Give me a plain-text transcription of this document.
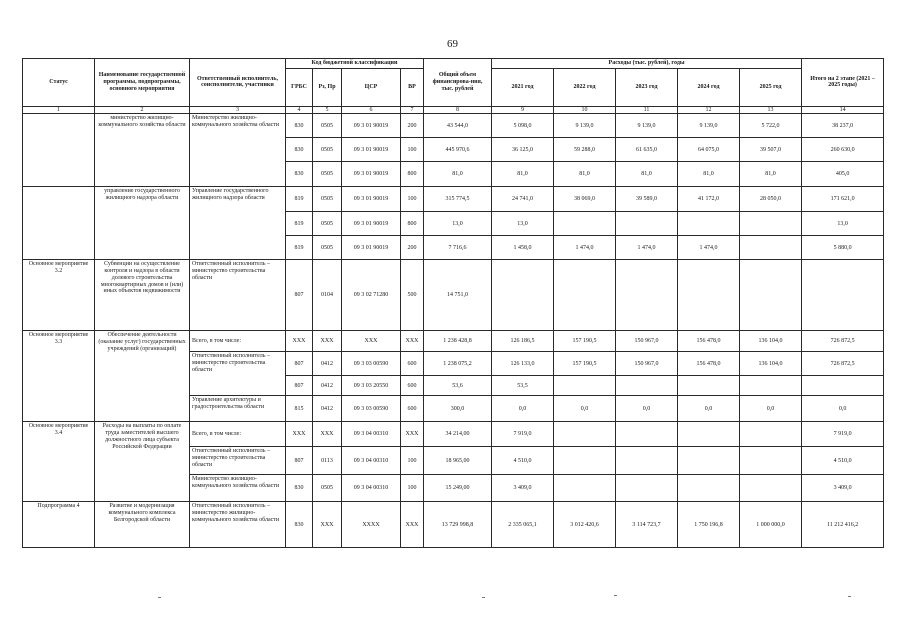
69
Статус	Наименование государственной программы, подпрограммы, основного мероприятия	Ответственный исполнитель, соисполнители, участники	Код бюджетной классификации				Общий объем финансирова-ния, тыс. рублей	Расходы (тыс. рублей), годы					Итого на 2 этапе (2021 – 2025 годы)
			ГРБС	Рз, Пр	ЦСР	ВР		2021 год	2022 год	2023 год	2024 год	2025 год	
1	2	3	4	5	6	7	8	9	10	11	12	13	14
	министерство жилищно-коммунального хозяйства области	Министерство жилищно-коммунального хозяйства области	830	0505	09 3 01 90019	200	43 544,0	5 098,0	9 139,0	9 139,0	9 139,0	5 722,0	38 237,0
			830	0505	09 3 01 90019	100	445 970,6	36 125,0	59 288,0	61 635,0	64 075,0	39 507,0	260 630,0
			830	0505	09 3 01 90019	800	81,0	81,0	81,0	81,0	81,0	81,0	405,0
	управление государственного жилищного надзора области	Управление государственного жилищного надзора области	819	0505	09 3 01 90019	100	315 774,5	24 741,0	38 069,0	39 589,0	41 172,0	28 050,0	171 621,0
			819	0505	09 3 01 90019	800	13,0	13,0					13,0
			819	0505	09 3 01 90019	200	7 716,6	1 458,0	1 474,0	1 474,0	1 474,0		5 880,0
Основное мероприятие 3.2	Субвенции на осуществление контроля и надзора в области долевого строительства многоквартирных домов и (или) иных объектов недвижимости	Ответственный исполнитель – министерство строительства области	807	0104	09 3 02 71280	500	14 751,0						
Основное мероприятие 3.3	Обеспечение деятельности (оказание услуг) государственных учреждений (организаций)	Всего, в том числе:	XXX	XXX	XXX	XXX	1 238 428,8	126 186,5	157 190,5	150 967,0	156 478,0	136 104,0	726 872,5
		Ответственный исполнитель – министерство строительства области	807	0412	09 3 03 00590	600	1 238 075,2	126 133,0	157 190,5	150 967,0	156 478,0	136 104,0	726 872,5
			807	0412	09 3 03 20550	600	53,6	53,5					
		Управление архитектуры и градостроительства области	815	0412	09 3 03 00590	600	300,0	0,0	0,0	0,0	0,0	0,0	0,0
Основное мероприятие 3.4	Расходы на выплаты по оплате труда заместителей высшего должностного лица субъекта Российской Федерации	Всего, в том числе:	XXX	XXX	09 3 04 00310	XXX	34 214,00	7 919,0					7 919,0
		Ответственный исполнитель – министерство строительства области	807	0113	09 3 04 00310	100	18 965,00	4 510,0					4 510,0
		Министерство жилищно-коммунального хозяйства области	830	0505	09 3 04 00310	100	15 249,00	3 409,0					3 409,0
Подпрограмма 4	Развитие и модернизация коммунального комплекса Белгородской области	Ответственный исполнитель – министерство жилищно-коммунального хозяйства области	830	XXX	XXXX	XXX	13 729 998,8	2 335 065,1	3 012 420,6	3 114 723,7	1 750 196,8	1 000 000,0	11 212 416,2
